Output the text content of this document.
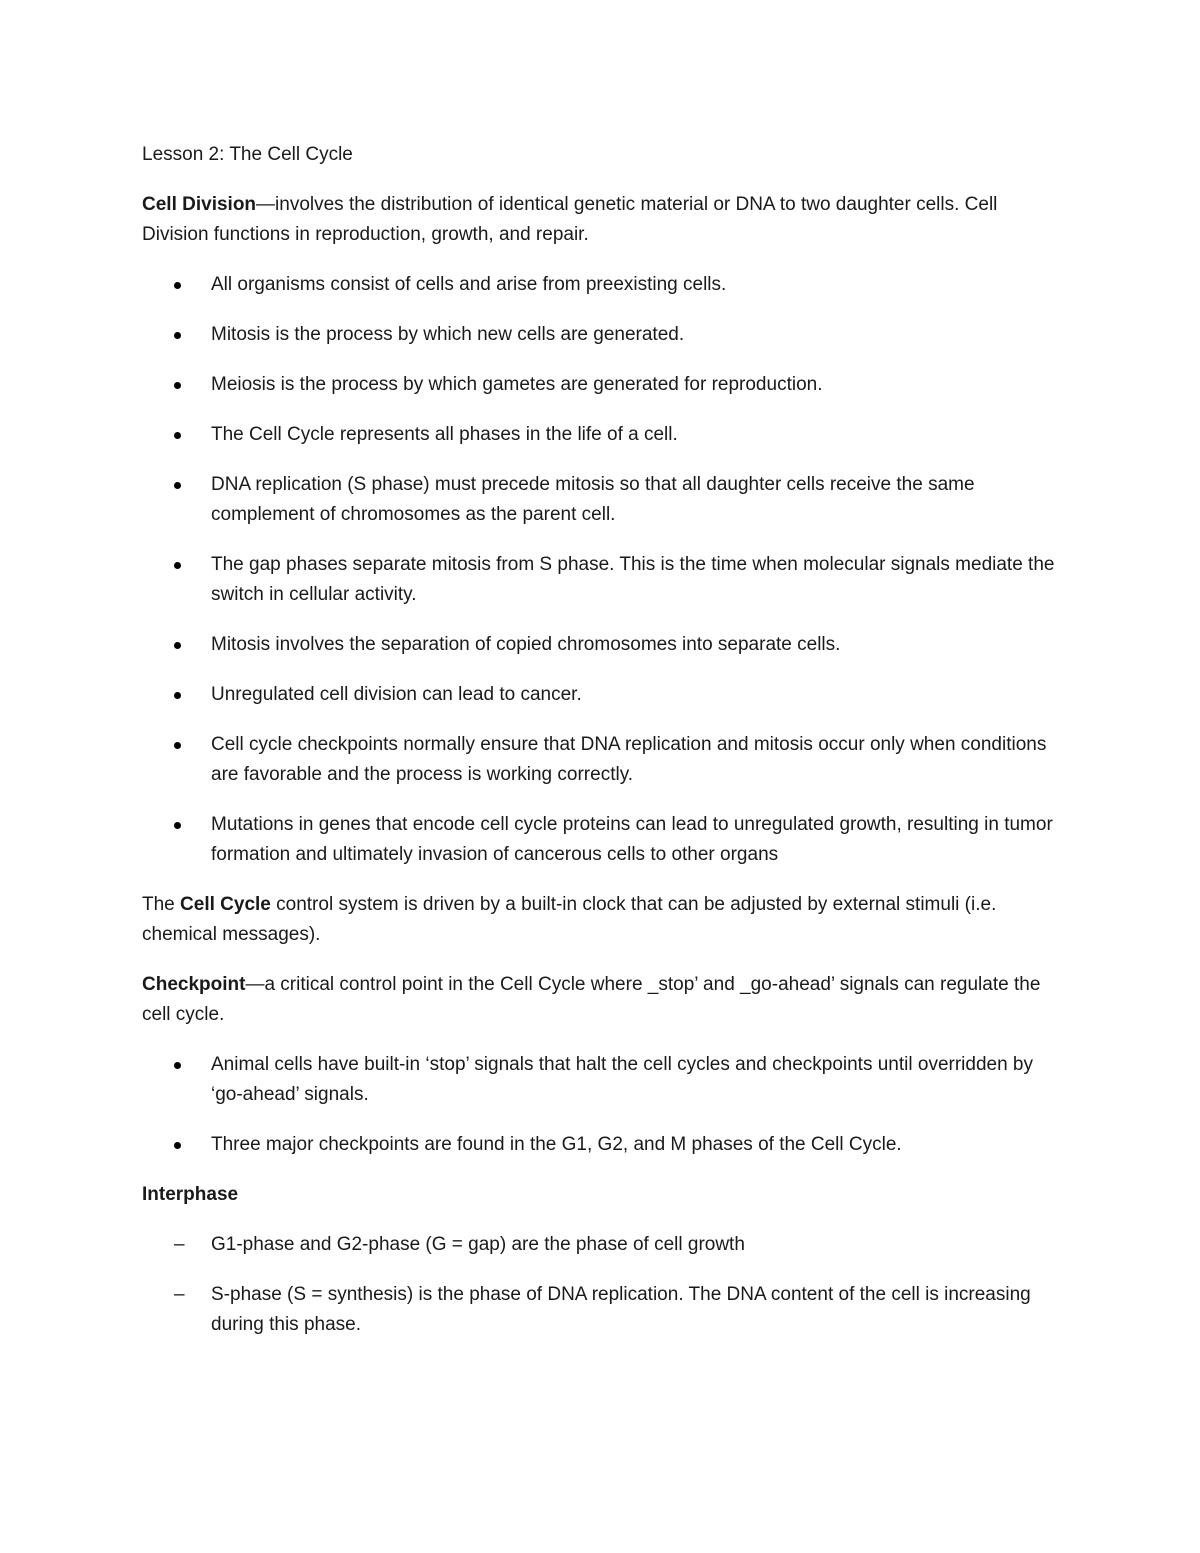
Lesson 2: The Cell Cycle

Cell Division—involves the distribution of identical genetic material or DNA to two daughter cells. Cell Division functions in reproduction, growth, and repair.

All organisms consist of cells and arise from preexisting cells.
Mitosis is the process by which new cells are generated.
Meiosis is the process by which gametes are generated for reproduction.
The Cell Cycle represents all phases in the life of a cell.
DNA replication (S phase) must precede mitosis so that all daughter cells receive the same complement of chromosomes as the parent cell.
The gap phases separate mitosis from S phase. This is the time when molecular signals mediate the switch in cellular activity.
Mitosis involves the separation of copied chromosomes into separate cells.
Unregulated cell division can lead to cancer.
Cell cycle checkpoints normally ensure that DNA replication and mitosis occur only when conditions are favorable and the process is working correctly.
Mutations in genes that encode cell cycle proteins can lead to unregulated growth, resulting in tumor formation and ultimately invasion of cancerous cells to other organs

The Cell Cycle control system is driven by a built-in clock that can be adjusted by external stimuli (i.e. chemical messages).

Checkpoint—a critical control point in the Cell Cycle where _stop’ and _go-ahead’ signals can regulate the cell cycle.

Animal cells have built-in ‘stop’ signals that halt the cell cycles and checkpoints until overridden by ‘go-ahead’ signals.
Three major checkpoints are found in the G1, G2, and M phases of the Cell Cycle.

Interphase

– G1-phase and G2-phase (G = gap) are the phase of cell growth
– S-phase (S = synthesis) is the phase of DNA replication. The DNA content of the cell is increasing during this phase.
